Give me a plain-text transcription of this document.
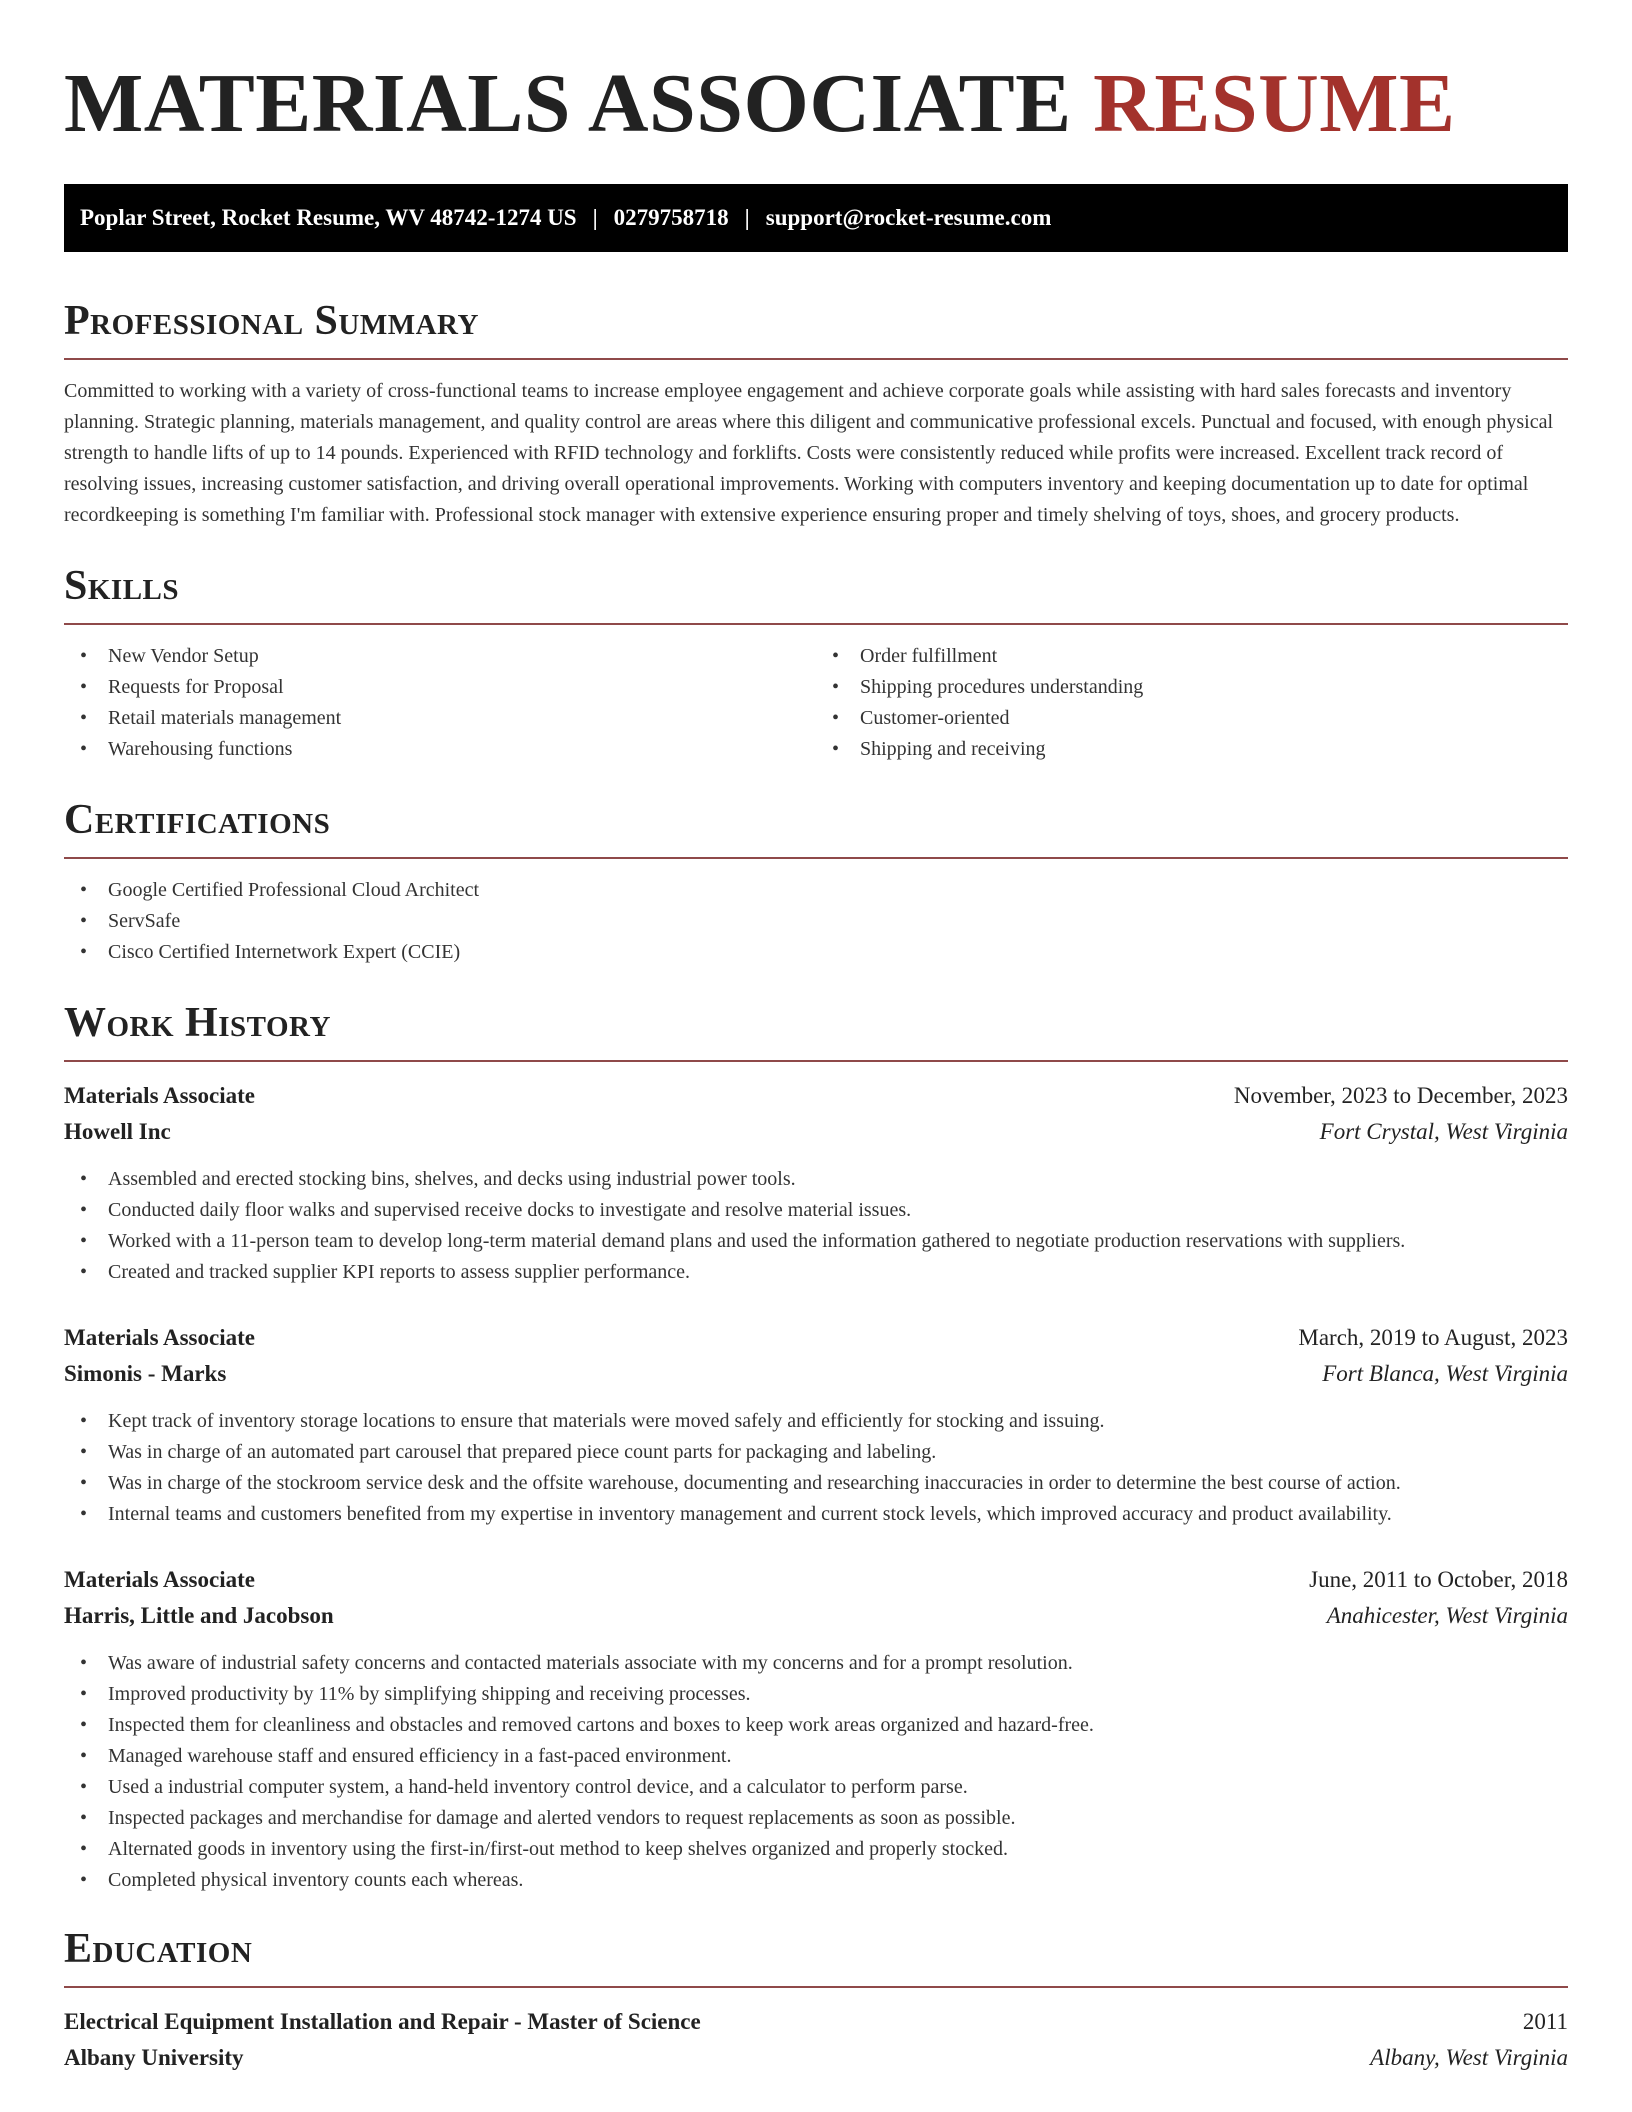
MATERIALS ASSOCIATE RESUME
Poplar Street, Rocket Resume, WV 48742-1274 US | 0279758718 | support@rocket-resume.com
Professional Summary

Committed to working with a variety of cross-functional teams to increase employee engagement and achieve corporate goals while assisting with hard sales forecasts and inventory planning. Strategic planning, materials management, and quality control are areas where this diligent and communicative professional excels. Punctual and focused, with enough physical strength to handle lifts of up to 14 pounds. Experienced with RFID technology and forklifts. Costs were consistently reduced while profits were increased. Excellent track record of resolving issues, increasing customer satisfaction, and driving overall operational improvements. Working with computers inventory and keeping documentation up to date for optimal recordkeeping is something I'm familiar with. Professional stock manager with extensive experience ensuring proper and timely shelving of toys, shoes, and grocery products.

Skills
• New Vendor Setup
• Requests for Proposal
• Retail materials management
• Warehousing functions
• Order fulfillment
• Shipping procedures understanding
• Customer-oriented
• Shipping and receiving
Certifications
• Google Certified Professional Cloud Architect
• ServSafe
• Cisco Certified Internetwork Expert (CCIE)
Work History
Materials Associate	November, 2023 to December, 2023
Howell Inc	Fort Crystal, West Virginia
• Assembled and erected stocking bins, shelves, and decks using industrial power tools.
• Conducted daily floor walks and supervised receive docks to investigate and resolve material issues.
• Worked with a 11-person team to develop long-term material demand plans and used the information gathered to negotiate production reservations with suppliers.
• Created and tracked supplier KPI reports to assess supplier performance.
Materials Associate	March, 2019 to August, 2023
Simonis - Marks	Fort Blanca, West Virginia
• Kept track of inventory storage locations to ensure that materials were moved safely and efficiently for stocking and issuing.
• Was in charge of an automated part carousel that prepared piece count parts for packaging and labeling.
• Was in charge of the stockroom service desk and the offsite warehouse, documenting and researching inaccuracies in order to determine the best course of action.
• Internal teams and customers benefited from my expertise in inventory management and current stock levels, which improved accuracy and product availability.
Materials Associate	June, 2011 to October, 2018
Harris, Little and Jacobson	Anahicester, West Virginia
• Was aware of industrial safety concerns and contacted materials associate with my concerns and for a prompt resolution.
• Improved productivity by 11% by simplifying shipping and receiving processes.
• Inspected them for cleanliness and obstacles and removed cartons and boxes to keep work areas organized and hazard-free.
• Managed warehouse staff and ensured efficiency in a fast-paced environment.
• Used a industrial computer system, a hand-held inventory control device, and a calculator to perform parse.
• Inspected packages and merchandise for damage and alerted vendors to request replacements as soon as possible.
• Alternated goods in inventory using the first-in/first-out method to keep shelves organized and properly stocked.
• Completed physical inventory counts each whereas.
Education
Electrical Equipment Installation and Repair - Master of Science	2011
Albany University	Albany, West Virginia
